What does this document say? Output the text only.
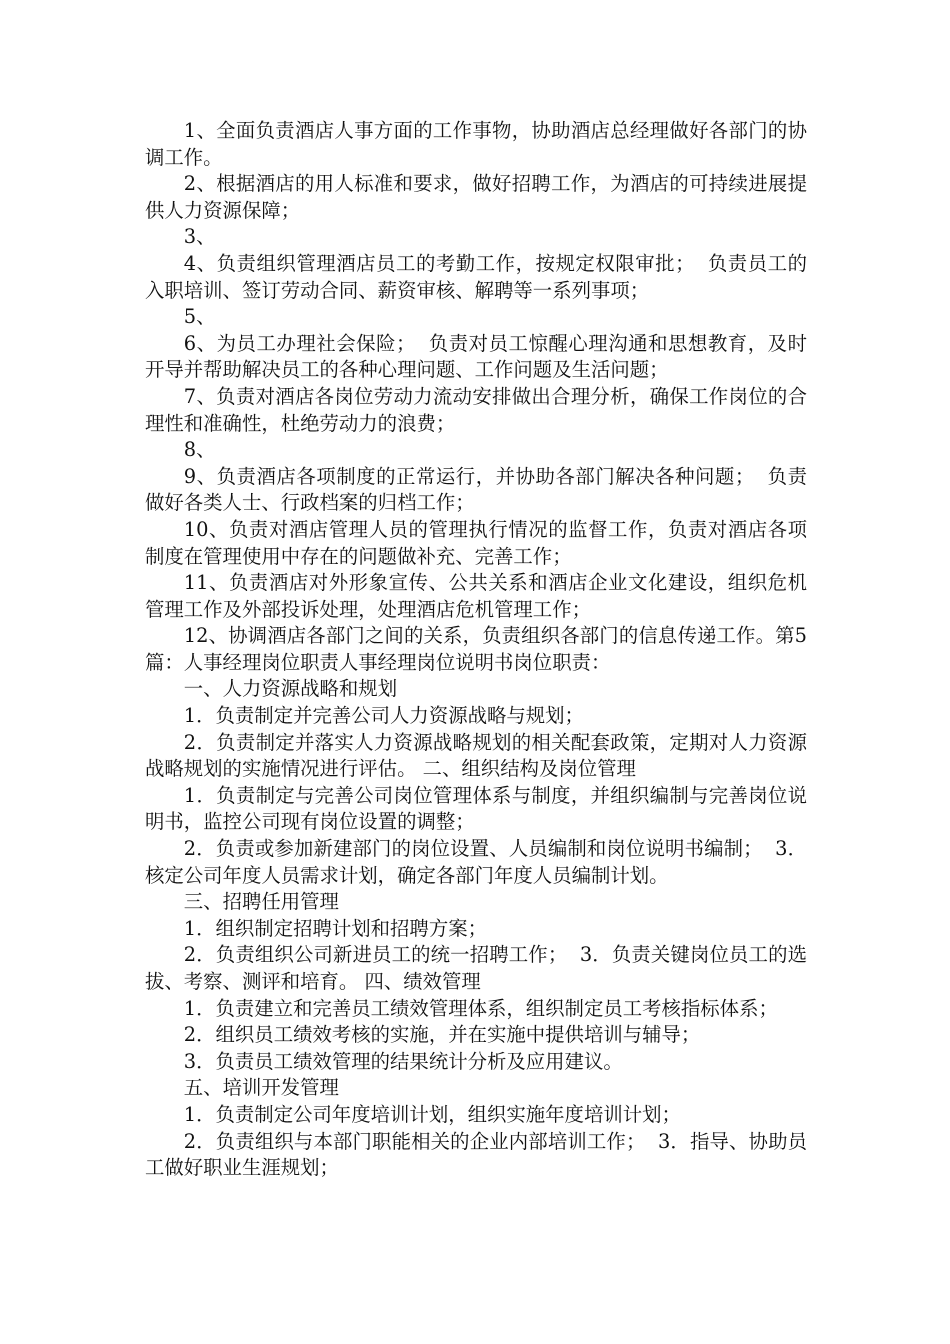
1、全面负责酒店人事方面的工作事物，协助酒店总经理做好各部门的协调工作。

2、根据酒店的用人标准和要求，做好招聘工作，为酒店的可持续进展提供人力资源保障；

3、

4、负责组织管理酒店员工的考勤工作，按规定权限审批；  负责员工的入职培训、签订劳动合同、薪资审核、解聘等一系列事项；

5、

6、为员工办理社会保险；  负责对员工惊醒心理沟通和思想教育，及时开导并帮助解决员工的各种心理问题、工作问题及生活问题；

7、负责对酒店各岗位劳动力流动安排做出合理分析，确保工作岗位的合理性和准确性，杜绝劳动力的浪费；

8、

9、负责酒店各项制度的正常运行，并协助各部门解决各种问题；  负责做好各类人士、行政档案的归档工作；

10、负责对酒店管理人员的管理执行情况的监督工作，负责对酒店各项制度在管理使用中存在的问题做补充、完善工作；

11、负责酒店对外形象宣传、公共关系和酒店企业文化建设，组织危机管理工作及外部投诉处理，处理酒店危机管理工作；

12、协调酒店各部门之间的关系，负责组织各部门的信息传递工作。第5篇：人事经理岗位职责人事经理岗位说明书岗位职责：

一、人力资源战略和规划

1．负责制定并完善公司人力资源战略与规划；

2．负责制定并落实人力资源战略规划的相关配套政策，定期对人力资源战略规划的实施情况进行评估。 二、组织结构及岗位管理

1．负责制定与完善公司岗位管理体系与制度，并组织编制与完善岗位说明书，监控公司现有岗位设置的调整；

2．负责或参加新建部门的岗位设置、人员编制和岗位说明书编制；  3．核定公司年度人员需求计划，确定各部门年度人员编制计划。

三、招聘任用管理

1．组织制定招聘计划和招聘方案；

2．负责组织公司新进员工的统一招聘工作；  3．负责关键岗位员工的选拔、考察、测评和培育。 四、绩效管理

1．负责建立和完善员工绩效管理体系，组织制定员工考核指标体系；

2．组织员工绩效考核的实施，并在实施中提供培训与辅导；

3．负责员工绩效管理的结果统计分析及应用建议。

五、培训开发管理

1．负责制定公司年度培训计划，组织实施年度培训计划；

2．负责组织与本部门职能相关的企业内部培训工作；  3．指导、协助员工做好职业生涯规划；
